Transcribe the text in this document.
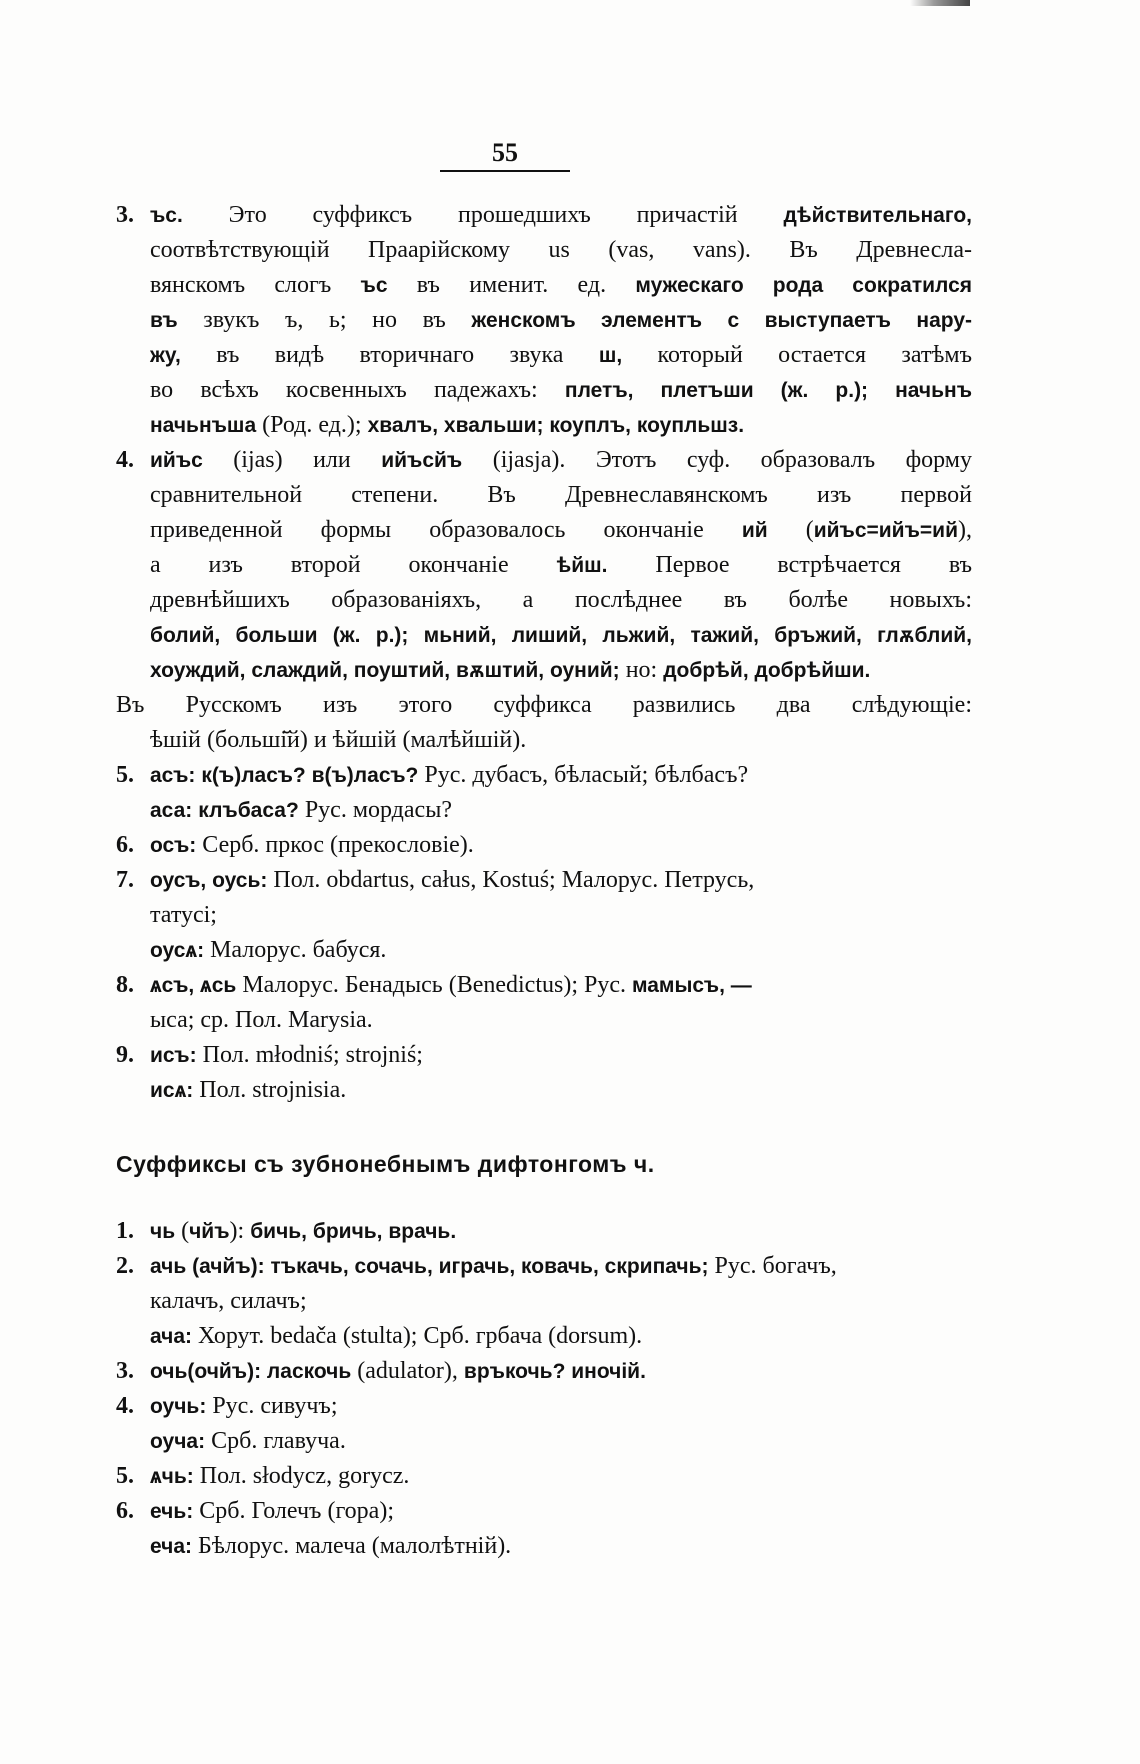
55
3. ъс. Это суффиксъ прошедшихъ причастій дѣйствительнаго,
соотвѣтствующій Праарійскому us (vas, vans). Въ Древнесла-
вянскомъ слогъ ъс въ именит. ед. мужескаго рода сократился
въ звукъ ъ, ь; но въ женскомъ элементъ с выступаетъ нару-
жу, въ видѣ вторичнаго звука ш, который остается затѣмъ
во всѣхъ косвенныхъ падежахъ: плетъ, плетъши (ж. р.); начьнъ
начьнъша (Род. ед.); хвалъ, хвальши; коуплъ, коупльшз.
4. ийъс (ijas) или ийъсйъ (ijasja). Этотъ суф. образовалъ форму
сравнительной степени. Въ Древнеславянскомъ изъ первой
приведенной формы образовалось окончаніе ий (ийъс=ийъ=ий),
а изъ второй окончаніе ѣйш. Первое встрѣчается въ
древнѣйшихъ образованіяхъ, а послѣднее въ болѣе новыхъ:
болий, больши (ж. р.); мьний, лиший, льжий, тажий, бръжий, глѫблий,
хоуждий, слаждий, поуштий, вѫштий, оуний; но: добрѣй, добрѣйши.
Въ Русскомъ изъ этого суффикса развились два слѣдующіе:
ѣшій (больші̆й) и ѣйшій (малѣйшій).
5. асъ: к(ъ)ласъ? в(ъ)ласъ? Рус. дубасъ, бѣласый; бѣлбасъ?
аса: клъбаса? Рус. мордасы?
6. осъ: Серб. пркос (прекословіе).
7. оусъ, оусь: Пол. obdartus, całus, Kostuś; Малорус. Петрусь,
татусі;
оусѧ: Малорус. бабуся.
8. ѧсъ, ѧсь Малорус. Бенадысь (Benedictus); Рус. мамысъ, —
ыса; ср. Пол. Marysia.
9. исъ: Пол. młodniś; strojniś;
исѧ: Пол. strojnisia.
Суффиксы съ зубнонебнымъ дифтонгомъ ч.
1. чь (чйъ): бичь, бричь, врачь.
2. ачь (ачйъ): тъкачь, сочачь, играчь, ковачь, скрипачь; Рус. богачъ,
калачъ, силачъ;
ача: Хорут. bedača (stulta); Срб. грбача (dorsum).
3. очь(очйъ): ласкочь (adulator), връкочь? иночій.
4. оучь: Рус. сивучъ;
оуча: Срб. главуча.
5. ѧчь: Пол. słodycz, gorycz.
6. ечь: Срб. Голечъ (гора);
еча: Бѣлорус. малеча (малолѣтній).
